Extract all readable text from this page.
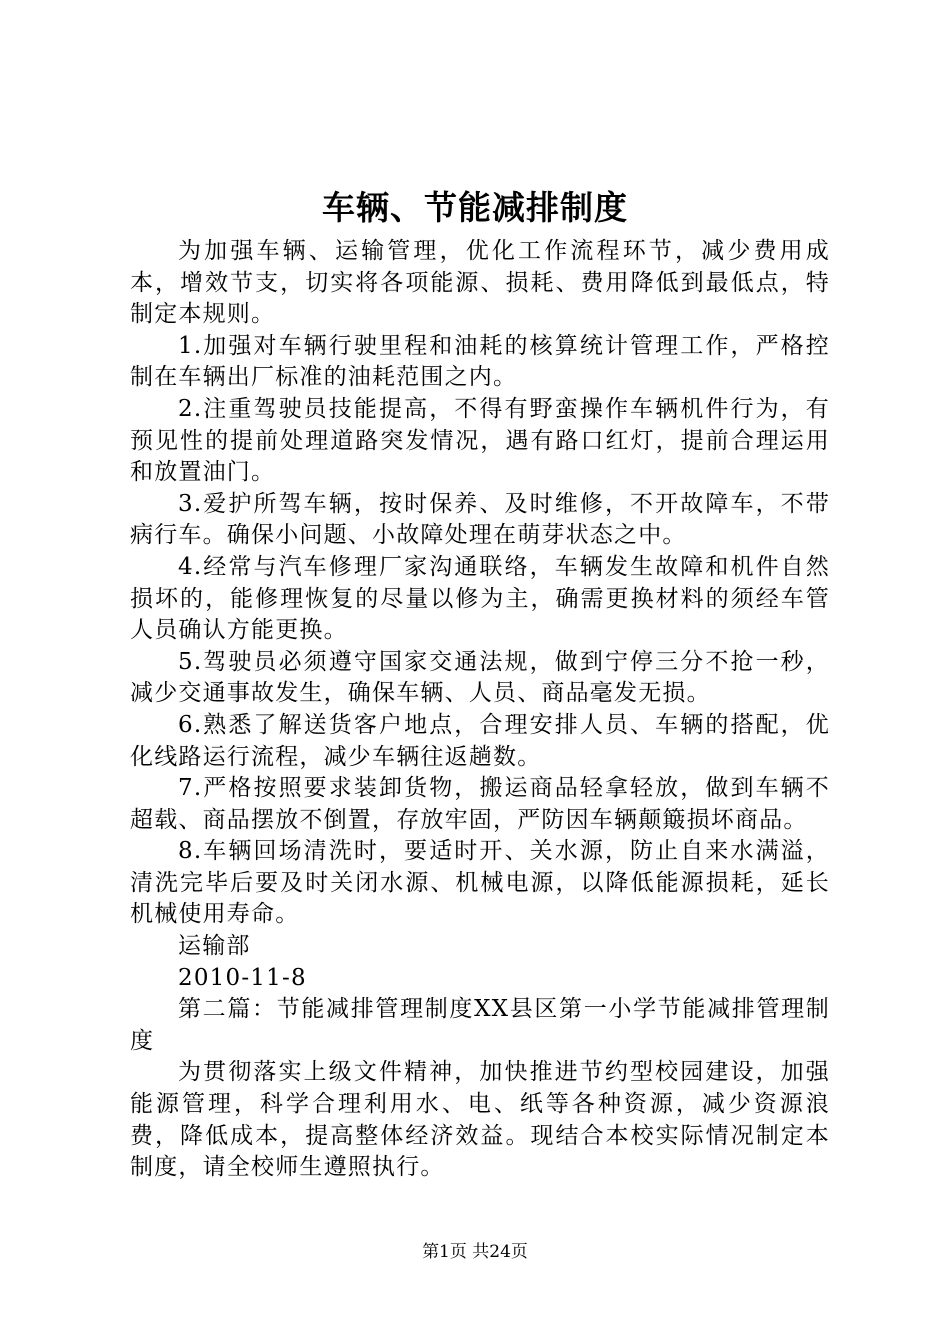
车辆、节能减排制度

为加强车辆、运输管理，优化工作流程环节，减少费用成本，增效节支，切实将各项能源、损耗、费用降低到最低点，特制定本规则。

1.加强对车辆行驶里程和油耗的核算统计管理工作，严格控制在车辆出厂标准的油耗范围之内。

2.注重驾驶员技能提高，不得有野蛮操作车辆机件行为，有预见性的提前处理道路突发情况，遇有路口红灯，提前合理运用和放置油门。

3.爱护所驾车辆，按时保养、及时维修，不开故障车，不带病行车。确保小问题、小故障处理在萌芽状态之中。

4.经常与汽车修理厂家沟通联络，车辆发生故障和机件自然损坏的，能修理恢复的尽量以修为主，确需更换材料的须经车管人员确认方能更换。

5.驾驶员必须遵守国家交通法规，做到宁停三分不抢一秒，减少交通事故发生，确保车辆、人员、商品毫发无损。

6.熟悉了解送货客户地点，合理安排人员、车辆的搭配，优化线路运行流程，减少车辆往返趟数。

7.严格按照要求装卸货物，搬运商品轻拿轻放，做到车辆不超载、商品摆放不倒置，存放牢固，严防因车辆颠簸损坏商品。

8.车辆回场清洗时，要适时开、关水源，防止自来水满溢，清洗完毕后要及时关闭水源、机械电源，以降低能源损耗，延长机械使用寿命。

运输部

2010-11-8

第二篇：节能减排管理制度XX县区第一小学节能减排管理制度

为贯彻落实上级文件精神，加快推进节约型校园建设，加强能源管理，科学合理利用水、电、纸等各种资源，减少资源浪费，降低成本，提高整体经济效益。现结合本校实际情况制定本制度，请全校师生遵照执行。

第1页 共24页
